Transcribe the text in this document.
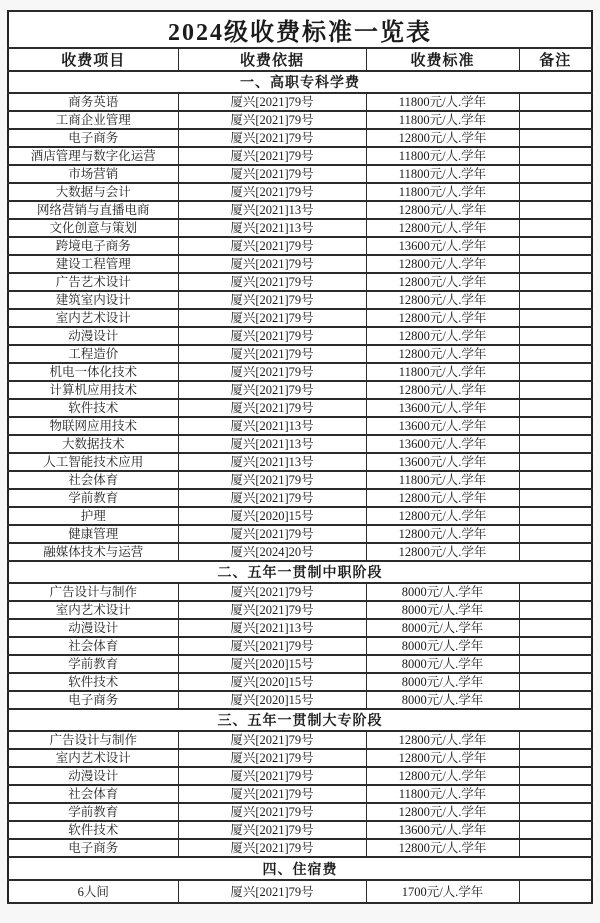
2024级收费标准一览表			
收费项目	收费依据	收费标准	备注
一、高职专科学费			
商务英语	厦兴[2021]79号	11800元/人.学年	
工商企业管理	厦兴[2021]79号	11800元/人.学年	
电子商务	厦兴[2021]79号	12800元/人.学年	
酒店管理与数字化运营	厦兴[2021]79号	11800元/人.学年	
市场营销	厦兴[2021]79号	11800元/人.学年	
大数据与会计	厦兴[2021]79号	11800元/人.学年	
网络营销与直播电商	厦兴[2021]13号	12800元/人.学年	
文化创意与策划	厦兴[2021]13号	12800元/人.学年	
跨境电子商务	厦兴[2021]79号	13600元/人.学年	
建设工程管理	厦兴[2021]79号	12800元/人.学年	
广告艺术设计	厦兴[2021]79号	12800元/人.学年	
建筑室内设计	厦兴[2021]79号	12800元/人.学年	
室内艺术设计	厦兴[2021]79号	12800元/人.学年	
动漫设计	厦兴[2021]79号	12800元/人.学年	
工程造价	厦兴[2021]79号	12800元/人.学年	
机电一体化技术	厦兴[2021]79号	11800元/人.学年	
计算机应用技术	厦兴[2021]79号	12800元/人.学年	
软件技术	厦兴[2021]79号	13600元/人.学年	
物联网应用技术	厦兴[2021]13号	13600元/人.学年	
大数据技术	厦兴[2021]13号	13600元/人.学年	
人工智能技术应用	厦兴[2021]13号	13600元/人.学年	
社会体育	厦兴[2021]79号	11800元/人.学年	
学前教育	厦兴[2021]79号	12800元/人.学年	
护理	厦兴[2020]15号	12800元/人.学年	
健康管理	厦兴[2021]79号	12800元/人.学年	
融媒体技术与运营	厦兴[2024]20号	12800元/人.学年	
二、五年一贯制中职阶段			
广告设计与制作	厦兴[2021]79号	8000元/人.学年	
室内艺术设计	厦兴[2021]79号	8000元/人.学年	
动漫设计	厦兴[2021]13号	8000元/人.学年	
社会体育	厦兴[2021]79号	8000元/人.学年	
学前教育	厦兴[2020]15号	8000元/人.学年	
软件技术	厦兴[2020]15号	8000元/人.学年	
电子商务	厦兴[2020]15号	8000元/人.学年	
三、五年一贯制大专阶段			
广告设计与制作	厦兴[2021]79号	12800元/人.学年	
室内艺术设计	厦兴[2021]79号	12800元/人.学年	
动漫设计	厦兴[2021]79号	12800元/人.学年	
社会体育	厦兴[2021]79号	11800元/人.学年	
学前教育	厦兴[2021]79号	12800元/人.学年	
软件技术	厦兴[2021]79号	13600元/人.学年	
电子商务	厦兴[2021]79号	12800元/人.学年	
四、住宿费			
6人间	厦兴[2021]79号	1700元/人.学年	
